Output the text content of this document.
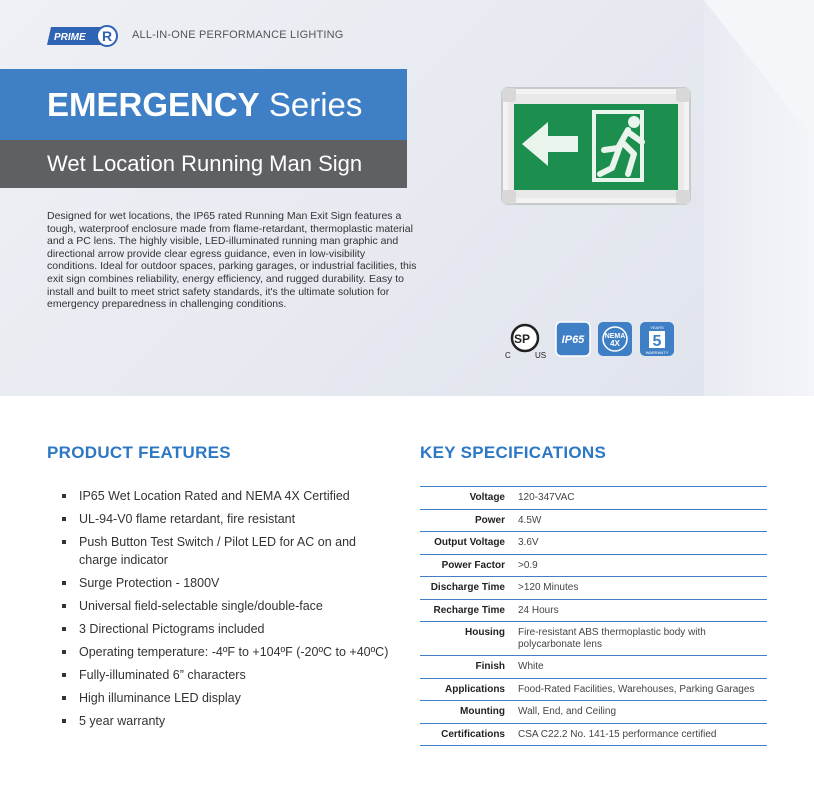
PRIME R ALL-IN-ONE PERFORMANCE LIGHTING
EMERGENCY Series
Wet Location Running Man Sign

Designed for wet locations, the IP65 rated Running Man Exit Sign features a tough, waterproof enclosure made from flame-retardant, thermoplastic material and a PC lens. The highly visible, LED-illuminated running man graphic and directional arrow provide clear egress guidance, even in low-visibility conditions. Ideal for outdoor spaces, parking garages, or industrial facilities, this exit sign combines reliability, energy efficiency, and rugged durability. Easy to install and built to meet strict safety standards, it's the ultimate solution for emergency preparedness in challenging conditions.

SP
C	US
IP65	NEMA
4X
YEARS
5
WARRANTY
PRODUCT FEATURES
IP65 Wet Location Rated and NEMA 4X Certified
UL-94-V0 flame retardant, fire resistant
Push Button Test Switch / Pilot LED for AC on and charge indicator
Surge Protection - 1800V
Universal field-selectable single/double-face
3 Directional Pictograms included
Operating temperature: -4ºF to +104ºF (-20ºC to +40ºC)
Fully-illuminated 6” characters
High illuminance LED display
5 year warranty
KEY SPECIFICATIONS
Voltage	120-347VAC
Power	4.5W
Output Voltage	3.6V
Power Factor	>0.9
Discharge Time	>120 Minutes
Recharge Time	24 Hours
Housing	Fire-resistant ABS thermoplastic body with polycarbonate lens
Finish	White
Applications	Food-Rated Facilities, Warehouses, Parking Garages
Mounting	Wall, End, and Ceiling
Certifications	CSA C22.2 No. 141-15 performance certified
